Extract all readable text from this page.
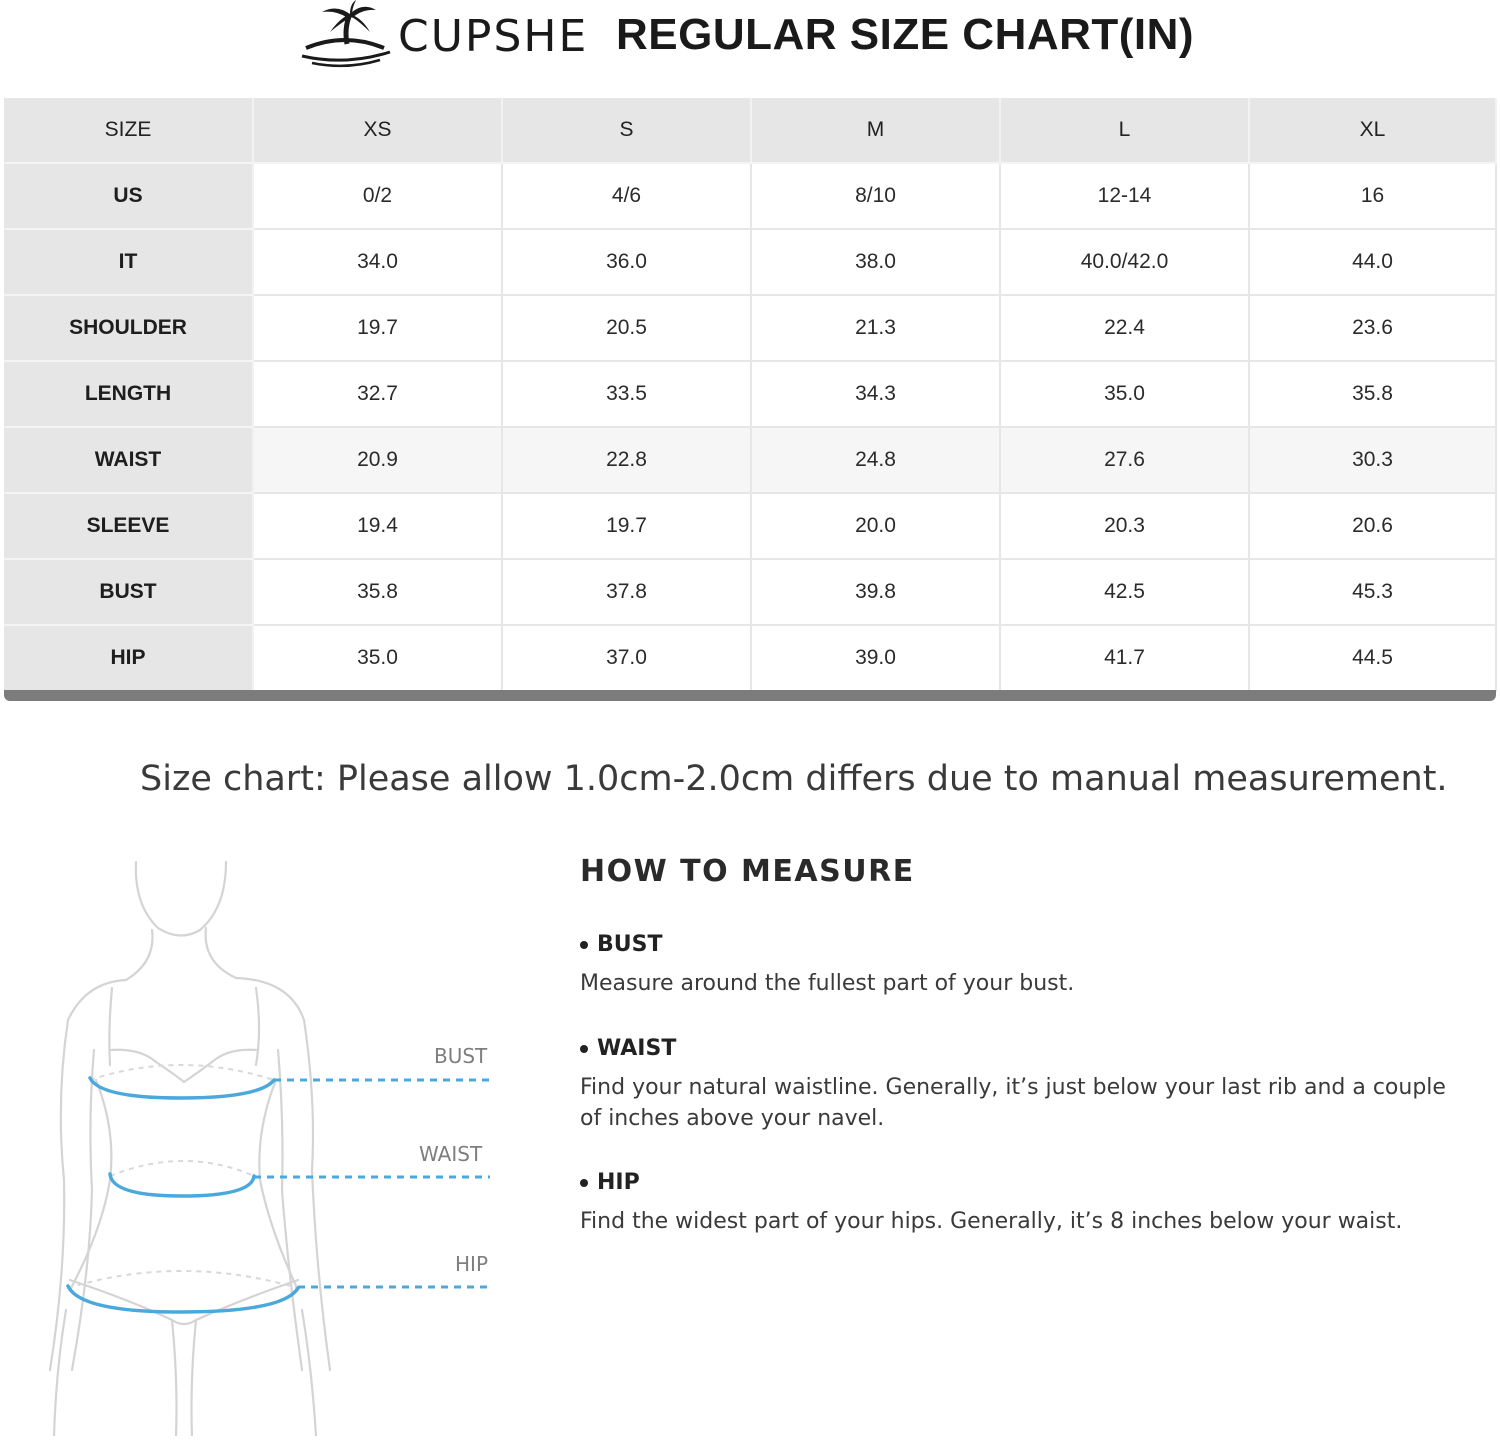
CUPSHE REGULAR SIZE CHART(IN)
SIZE	XS	S	M	L	XL
US	0/2	4/6	8/10	12-14	16
IT	34.0	36.0	38.0	40.0/42.0	44.0
SHOULDER	19.7	20.5	21.3	22.4	23.6
LENGTH	32.7	33.5	34.3	35.0	35.8
WAIST	20.9	22.8	24.8	27.6	30.3
SLEEVE	19.4	19.7	20.0	20.3	20.6
BUST	35.8	37.8	39.8	42.5	45.3
HIP	35.0	37.0	39.0	41.7	44.5
Size chart: Please allow 1.0cm-2.0cm differs due to manual measurement.
BUST
WAIST
HIP
HOW TO MEASURE
BUST
Measure around the fullest part of your bust.
WAIST
Find your natural waistline. Generally, it’s just below your last rib and a couple of inches above your navel.
HIP
Find the widest part of your hips. Generally, it’s 8 inches below your waist.
